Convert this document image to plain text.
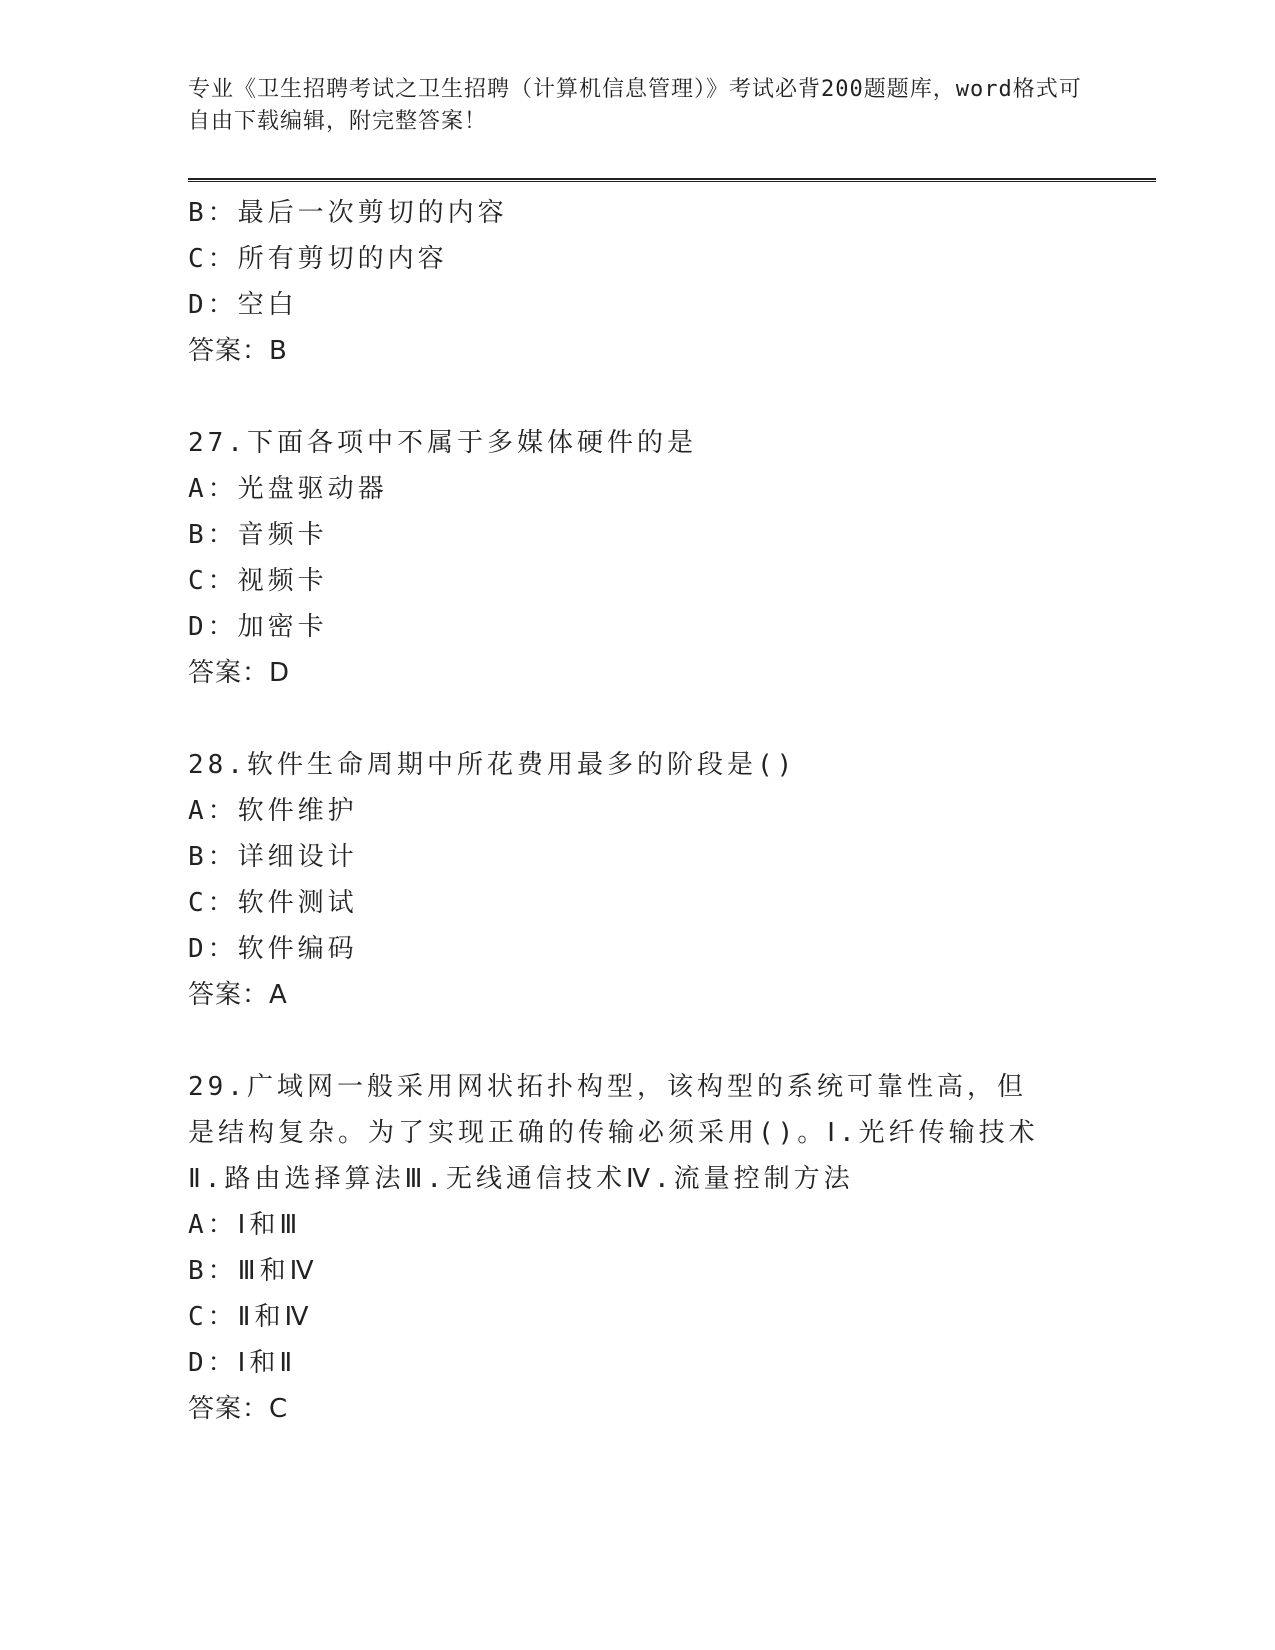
专业《卫生招聘考试之卫生招聘（计算机信息管理）》考试必背200题题库，word格式可自由下载编辑，附完整答案！
B：最后一次剪切的内容
C：所有剪切的内容
D：空白
答案：B
27.下面各项中不属于多媒体硬件的是
A：光盘驱动器
B：音频卡
C：视频卡
D：加密卡
答案：D
28.软件生命周期中所花费用最多的阶段是()
A：软件维护
B：详细设计
C：软件测试
D：软件编码
答案：A
29.广域网一般采用网状拓扑构型，该构型的系统可靠性高，但是结构复杂。为了实现正确的传输必须采用()。Ⅰ.光纤传输技术Ⅱ.路由选择算法Ⅲ.无线通信技术Ⅳ.流量控制方法
A：Ⅰ和Ⅲ
B：Ⅲ和Ⅳ
C：Ⅱ和Ⅳ
D：Ⅰ和Ⅱ
答案：C
